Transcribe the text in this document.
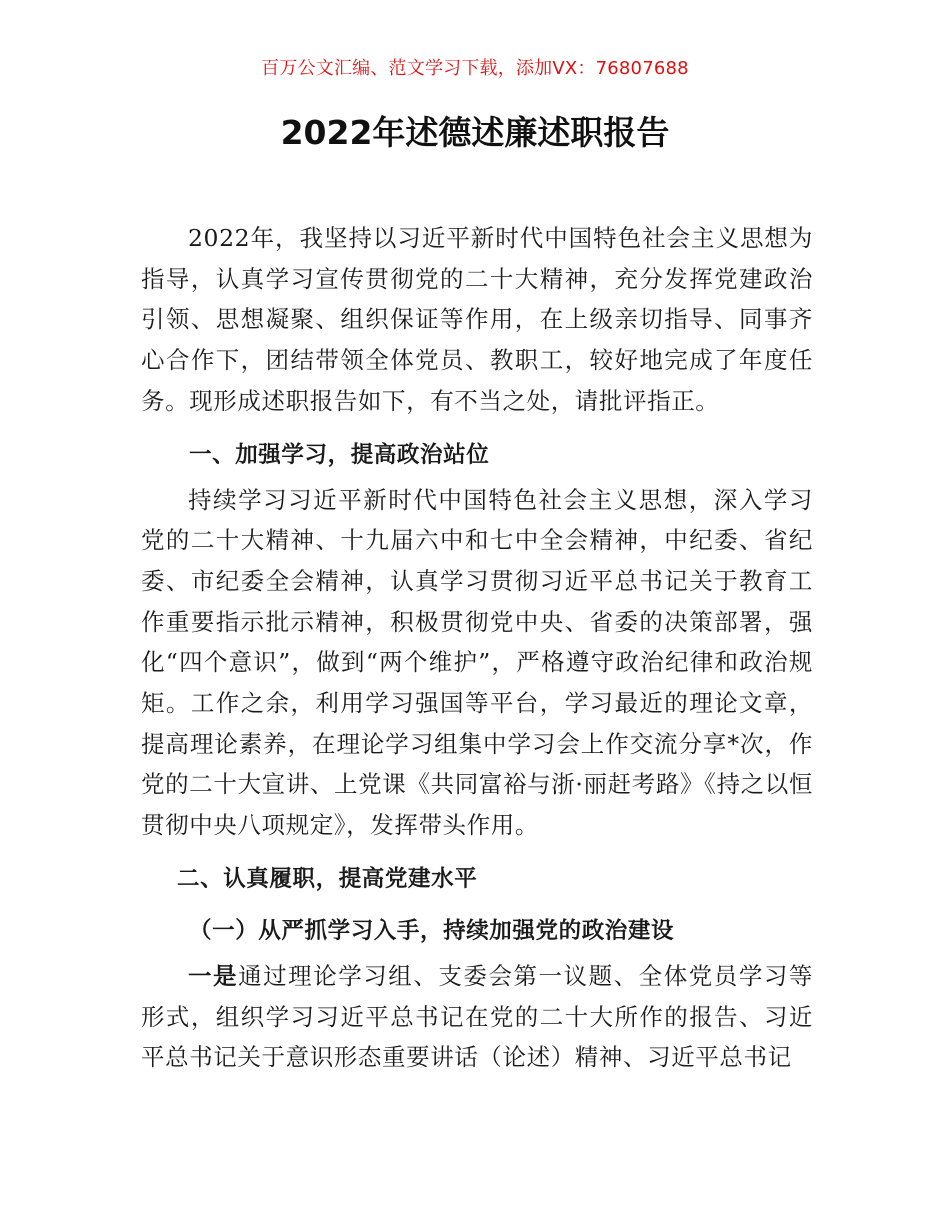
百万公文汇编、范文学习下载，添加VX：76807688
2022年述德述廉述职报告

2022年，我坚持以习近平新时代中国特色社会主义思想为指导，认真学习宣传贯彻党的二十大精神，充分发挥党建政治引领、思想凝聚、组织保证等作用，在上级亲切指导、同事齐心合作下，团结带领全体党员、教职工，较好地完成了年度任务。现形成述职报告如下，有不当之处，请批评指正。

一、加强学习，提高政治站位

持续学习习近平新时代中国特色社会主义思想，深入学习党的二十大精神、十九届六中和七中全会精神，中纪委、省纪委、市纪委全会精神，认真学习贯彻习近平总书记关于教育工作重要指示批示精神，积极贯彻党中央、省委的决策部署，强化“四个意识”，做到“两个维护”，严格遵守政治纪律和政治规矩。工作之余，利用学习强国等平台，学习最近的理论文章，提高理论素养，在理论学习组集中学习会上作交流分享*次，作党的二十大宣讲、上党课《共同富裕与浙·丽赶考路》《持之以恒贯彻中央八项规定》，发挥带头作用。

二、认真履职，提高党建水平
（一）从严抓学习入手，持续加强党的政治建设

一是通过理论学习组、支委会第一议题、全体党员学习等形式，组织学习习近平总书记在党的二十大所作的报告、习近平总书记关于意识形态重要讲话（论述）精神、习近平总书记
